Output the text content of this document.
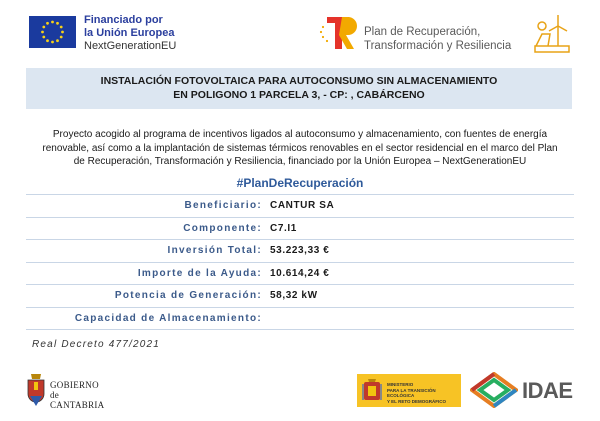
Financiado por
la Unión Europea
NextGenerationEU
Plan de Recuperación,
Transformación y Resiliencia
INSTALACIÓN FOTOVOLTAICA PARA AUTOCONSUMO SIN ALMACENAMIENTO
EN POLIGONO 1 PARCELA 3, - CP: , CABÁRCENO
Proyecto acogido al programa de incentivos ligados al autoconsumo y almacenamiento, con fuentes de energía renovable, así como a la implantación de sistemas térmicos renovables en el sector residencial en el marco del Plan de Recuperación, Transformación y Resiliencia, financiado por la Unión Europea – NextGenerationEU
#PlanDeRecuperación
Beneficiario: CANTUR SA
Componente: C7.I1
Inversión Total: 53.223,33 €
Importe de la Ayuda: 10.614,24 €
Potencia de Generación: 58,32 kW
Capacidad de Almacenamiento:
Real Decreto 477/2021
GOBIERNO
de
CANTABRIA
MINISTERIO
PARA LA TRANSICIÓN ECOLÓGICA
Y EL RETO DEMOGRÁFICO	IDAE
